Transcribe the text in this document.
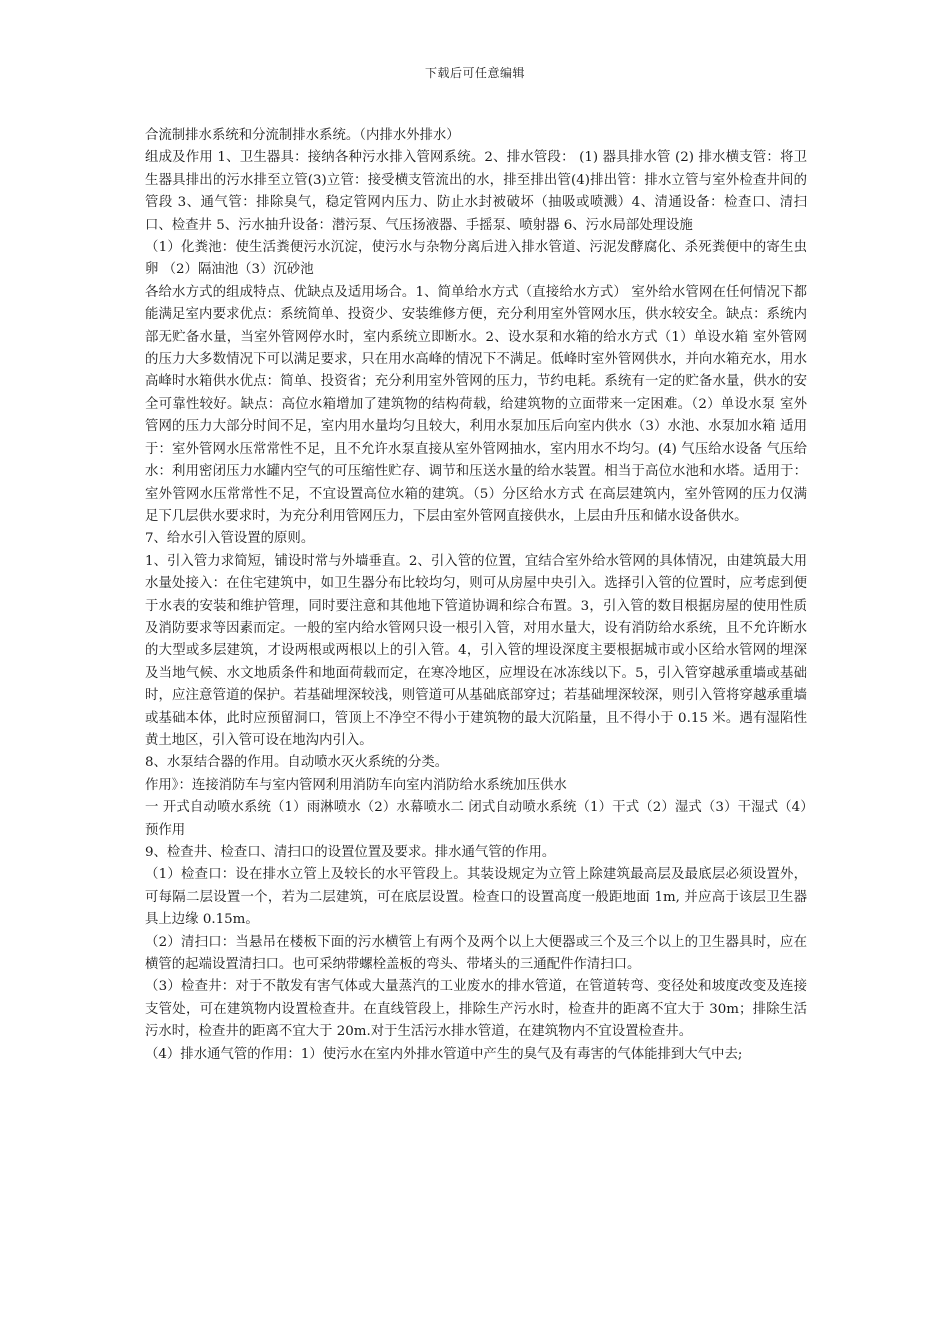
下载后可任意编辑

合流制排水系统和分流制排水系统。（内排水外排水）

组成及作用 1、卫生器具：接纳各种污水排入管网系统。2、排水管段： (1) 器具排水管 (2) 排水横支管：将卫生器具排出的污水排至立管(3)立管：接受横支管流出的水，排至排出管(4)排出管：排水立管与室外检查井间的管段 3、通气管：排除臭气，稳定管网内压力、防止水封被破坏（抽吸或喷溅）4、清通设备：检查口、清扫口、检查井 5、污水抽升设备：潜污泵、气压扬液器、手摇泵、喷射器 6、污水局部处理设施

（1）化粪池：使生活粪便污水沉淀，使污水与杂物分离后进入排水管道、污泥发酵腐化、杀死粪便中的寄生虫卵 （2）隔油池（3）沉砂池

各给水方式的组成特点、优缺点及适用场合。1、简单给水方式（直接给水方式） 室外给水管网在任何情况下都能满足室内要求优点：系统简单、投资少、安装维修方便，充分利用室外管网水压，供水较安全。缺点：系统内部无贮备水量，当室外管网停水时，室内系统立即断水。2、设水泵和水箱的给水方式（1）单设水箱 室外管网的压力大多数情况下可以满足要求，只在用水高峰的情况下不满足。低峰时室外管网供水，并向水箱充水，用水高峰时水箱供水优点：简单、投资省；充分利用室外管网的压力，节约电耗。系统有一定的贮备水量，供水的安全可靠性较好。缺点：高位水箱增加了建筑物的结构荷载，给建筑物的立面带来一定困难。（2）单设水泵 室外管网的压力大部分时间不足，室内用水量均匀且较大，利用水泵加压后向室内供水（3）水池、水泵加水箱 适用于：室外管网水压常常性不足，且不允许水泵直接从室外管网抽水，室内用水不均匀。(4) 气压给水设备 气压给水：利用密闭压力水罐内空气的可压缩性贮存、调节和压送水量的给水装置。相当于高位水池和水塔。适用于：室外管网水压常常性不足，不宜设置高位水箱的建筑。（5）分区给水方式 在高层建筑内，室外管网的压力仅满足下几层供水要求时，为充分利用管网压力，下层由室外管网直接供水，上层由升压和储水设备供水。

7、给水引入管设置的原则。

1、引入管力求简短，铺设时常与外墙垂直。2、引入管的位置，宜结合室外给水管网的具体情况，由建筑最大用水量处接入：在住宅建筑中，如卫生器分布比较均匀，则可从房屋中央引入。选择引入管的位置时，应考虑到便于水表的安装和维护管理，同时要注意和其他地下管道协调和综合布置。3，引入管的数目根据房屋的使用性质及消防要求等因素而定。一般的室内给水管网只设一根引入管，对用水量大，设有消防给水系统，且不允许断水的大型或多层建筑，才设两根或两根以上的引入管。4，引入管的埋设深度主要根据城市或小区给水管网的埋深及当地气候、水文地质条件和地面荷载而定，在寒冷地区，应埋设在冰冻线以下。5，引入管穿越承重墙或基础时，应注意管道的保护。若基础埋深较浅，则管道可从基础底部穿过；若基础埋深较深，则引入管将穿越承重墙或基础本体，此时应预留洞口，管顶上不净空不得小于建筑物的最大沉陷量，且不得小于 0.15 米。遇有湿陷性黄土地区，引入管可设在地沟内引入。

8、水泵结合器的作用。自动喷水灭火系统的分类。

作用》：连接消防车与室内管网利用消防车向室内消防给水系统加压供水

一 开式自动喷水系统（1）雨淋喷水（2）水幕喷水二 闭式自动喷水系统（1）干式（2）湿式（3）干湿式（4）预作用

9、检查井、检查口、清扫口的设置位置及要求。排水通气管的作用。

（1）检查口：设在排水立管上及较长的水平管段上。其装设规定为立管上除建筑最高层及最底层必须设置外，可每隔二层设置一个，若为二层建筑，可在底层设置。检查口的设置高度一般距地面 1m, 并应高于该层卫生器具上边缘 0.15m。

（2）清扫口：当悬吊在楼板下面的污水横管上有两个及两个以上大便器或三个及三个以上的卫生器具时，应在横管的起端设置清扫口。也可采纳带螺栓盖板的弯头、带堵头的三通配件作清扫口。

（3）检查井：对于不散发有害气体或大量蒸汽的工业废水的排水管道，在管道转弯、变径处和坡度改变及连接支管处，可在建筑物内设置检查井。在直线管段上，排除生产污水时，检查井的距离不宜大于 30m；排除生活污水时，检查井的距离不宜大于 20m.对于生活污水排水管道，在建筑物内不宜设置检查井。

（4）排水通气管的作用：1）使污水在室内外排水管道中产生的臭气及有毒害的气体能排到大气中去;
